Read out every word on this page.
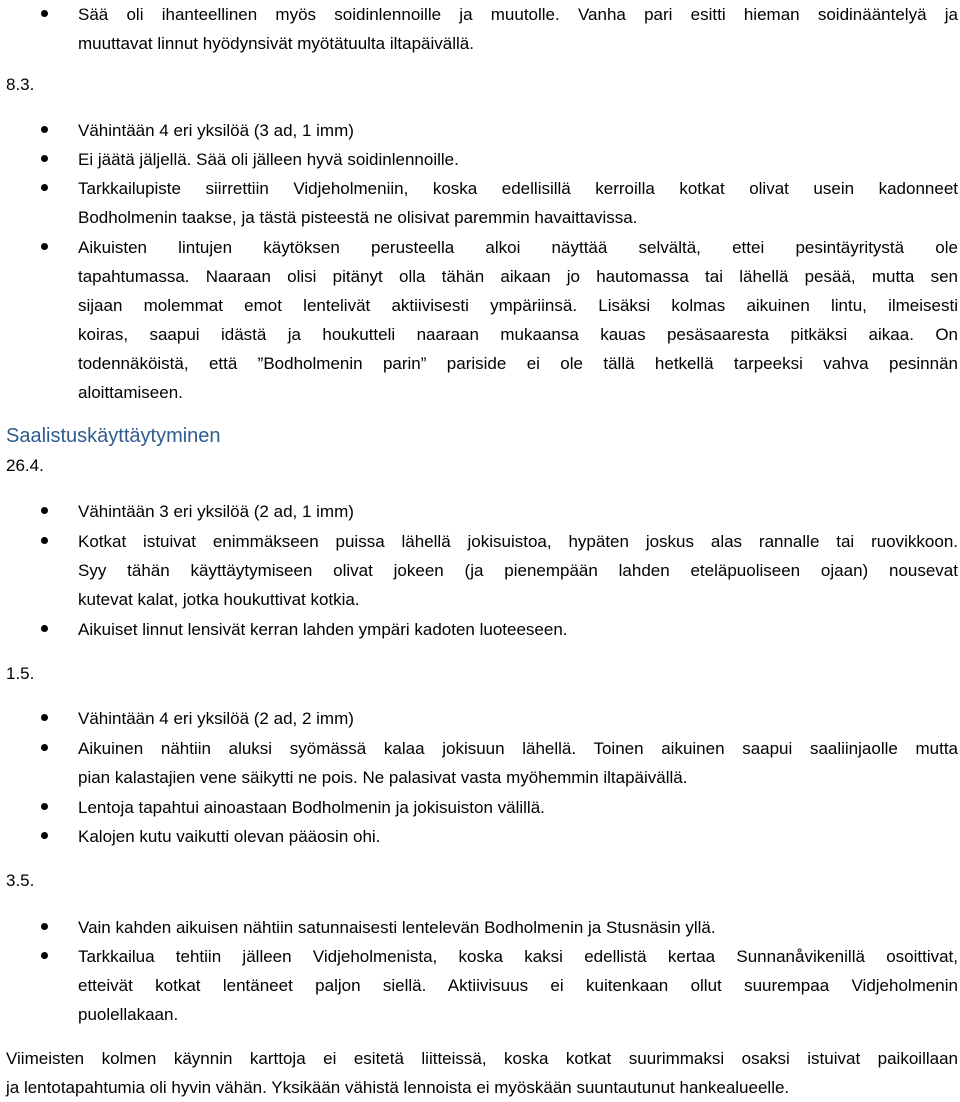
Sää oli ihanteellinen myös soidinlennoille ja muutolle. Vanha pari esitti hieman soidinääntelyä ja
muuttavat linnut hyödynsivät myötätuulta iltapäivällä.
8.3.
Vähintään 4 eri yksilöä (3 ad, 1 imm)
Ei jäätä jäljellä. Sää oli jälleen hyvä soidinlennoille.
Tarkkailupiste siirrettiin Vidjeholmeniin, koska edellisillä kerroilla kotkat olivat usein kadonneet
Bodholmenin taakse, ja tästä pisteestä ne olisivat paremmin havaittavissa.
Aikuisten lintujen käytöksen perusteella alkoi näyttää selvältä, ettei pesintäyritystä ole
tapahtumassa. Naaraan olisi pitänyt olla tähän aikaan jo hautomassa tai lähellä pesää, mutta sen
sijaan molemmat emot lentelivät aktiivisesti ympäriinsä. Lisäksi kolmas aikuinen lintu, ilmeisesti
koiras, saapui idästä ja houkutteli naaraan mukaansa kauas pesäsaaresta pitkäksi aikaa. On
todennäköistä, että ”Bodholmenin parin” pariside ei ole tällä hetkellä tarpeeksi vahva pesinnän
aloittamiseen.
Saalistuskäyttäytyminen
26.4.
Vähintään 3 eri yksilöä (2 ad, 1 imm)
Kotkat istuivat enimmäkseen puissa lähellä jokisuistoa, hypäten joskus alas rannalle tai ruovikkoon.
Syy tähän käyttäytymiseen olivat jokeen (ja pienempään lahden eteläpuoliseen ojaan) nousevat
kutevat kalat, jotka houkuttivat kotkia.
Aikuiset linnut lensivät kerran lahden ympäri kadoten luoteeseen.
1.5.
Vähintään 4 eri yksilöä (2 ad, 2 imm)
Aikuinen nähtiin aluksi syömässä kalaa jokisuun lähellä. Toinen aikuinen saapui saaliinjaolle mutta
pian kalastajien vene säikytti ne pois. Ne palasivat vasta myöhemmin iltapäivällä.
Lentoja tapahtui ainoastaan Bodholmenin ja jokisuiston välillä.
Kalojen kutu vaikutti olevan pääosin ohi.
3.5.
Vain kahden aikuisen nähtiin satunnaisesti lentelevän Bodholmenin ja Stusnäsin yllä.
Tarkkailua tehtiin jälleen Vidjeholmenista, koska kaksi edellistä kertaa Sunnanåvikenillä osoittivat,
etteivät kotkat lentäneet paljon siellä. Aktiivisuus ei kuitenkaan ollut suurempaa Vidjeholmenin
puolellakaan.
Viimeisten kolmen käynnin karttoja ei esitetä liitteissä, koska kotkat suurimmaksi osaksi istuivat paikoillaan
ja lentotapahtumia oli hyvin vähän. Yksikään vähistä lennoista ei myöskään suuntautunut hankealueelle.
